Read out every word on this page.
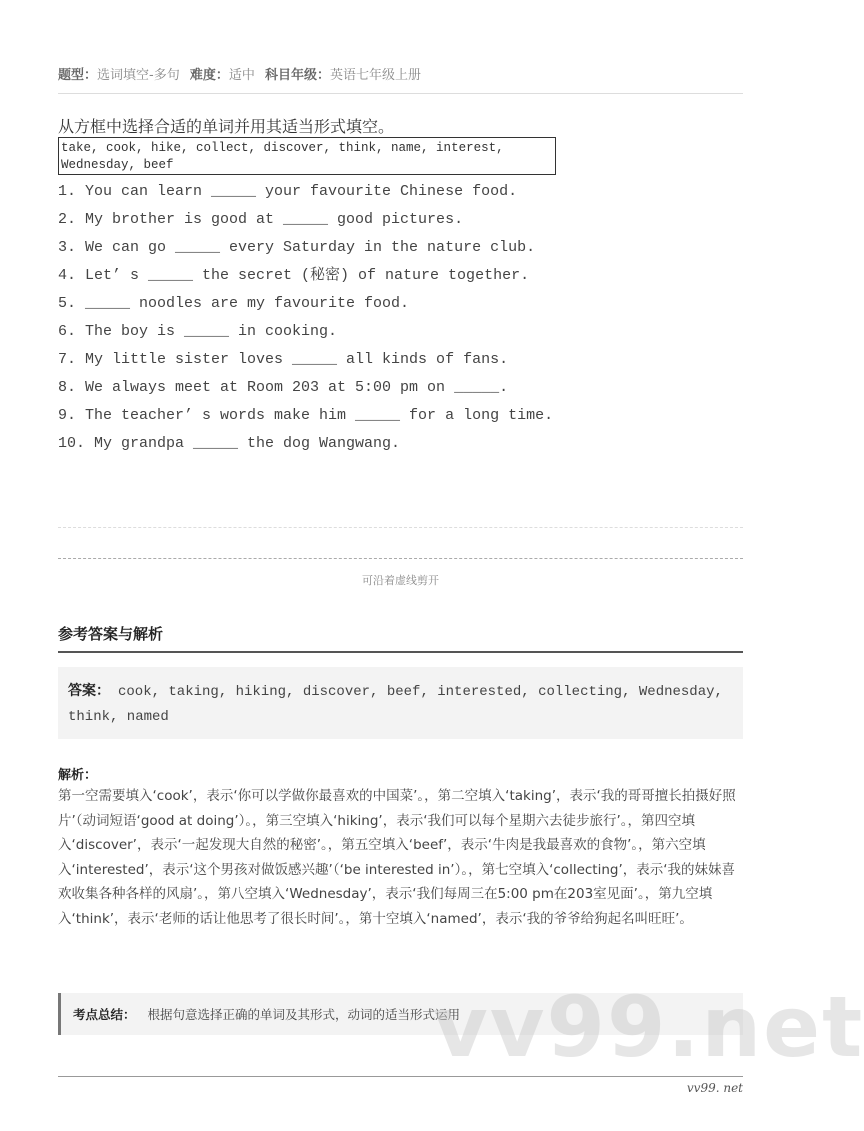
题型：选词填空-多句 难度：适中 科目年级：英语七年级上册
从方框中选择合适的单词并用其适当形式填空。
take, cook, hike, collect, discover, think, name, interest, Wednesday, beef
1. You can learn _____ your favourite Chinese food.
2. My brother is good at _____ good pictures.
3. We can go _____ every Saturday in the nature club.
4. Let’ s _____ the secret (秘密) of nature together.
5. _____ noodles are my favourite food.
6. The boy is _____ in cooking.
7. My little sister loves _____ all kinds of fans.
8. We always meet at Room 203 at 5:00 pm on _____.
9. The teacher’ s words make him _____ for a long time.
10. My grandpa _____ the dog Wangwang.
可沿着虚线剪开
参考答案与解析
答案： cook, taking, hiking, discover, beef, interested, collecting, Wednesday, think, named
解析：
第一空需要填入‘cook’，表示‘你可以学做你最喜欢的中国菜’。，第二空填入‘taking’，表示‘我的哥哥擅长拍摄好照片’（动词短语‘good at doing’）。，第三空填入‘hiking’，表示‘我们可以每个星期六去徒步旅行’。，第四空填入‘discover’，表示‘一起发现大自然的秘密’。，第五空填入‘beef’，表示‘牛肉是我最喜欢的食物’。，第六空填入‘interested’，表示‘这个男孩对做饭感兴趣’（‘be interested in’）。，第七空填入‘collecting’，表示‘我的妹妹喜欢收集各种各样的风扇’。，第八空填入‘Wednesday’，表示‘我们每周三在5:00 pm在203室见面’。，第九空填入‘think’，表示‘老师的话让他思考了很长时间’。，第十空填入‘named’，表示‘我的爷爷给狗起名叫旺旺’。
考点总结： 根据句意选择正确的单词及其形式，动词的适当形式运用
vv99.net
vv99. net
